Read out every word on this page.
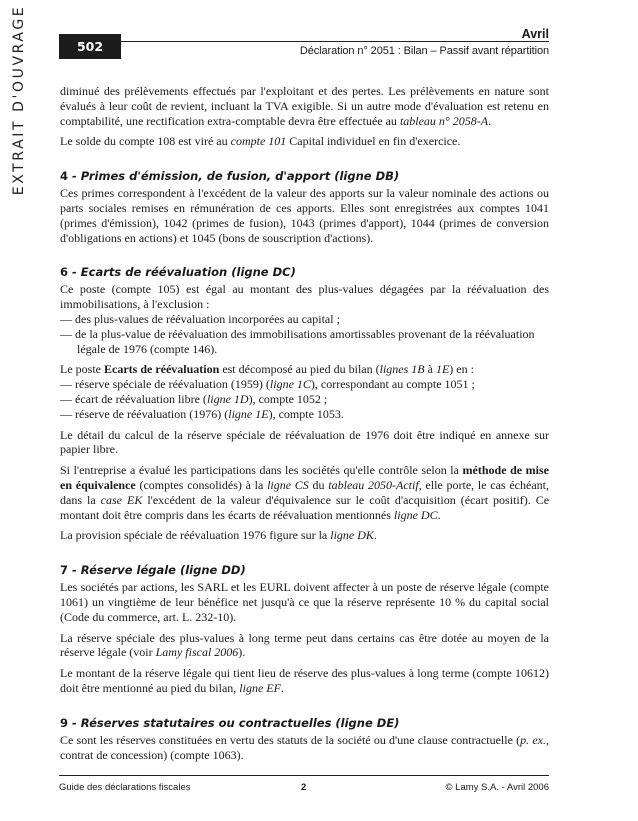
EXTRAIT D'OUVRAGE	502
Avril
Déclaration n° 2051 : Bilan – Passif avant répartition

diminué des prélèvements effectués par l'exploitant et des pertes. Les prélèvements en nature sont évalués à leur coût de revient, incluant la TVA exigible. Si un autre mode d'évaluation est retenu en comptabilité, une rectification extra-comptable devra être effectuée au tableau n° 2058-A.

Le solde du compte 108 est viré au compte 101 Capital individuel en fin d'exercice.

4 - Primes d'émission, de fusion, d'apport (ligne DB)

Ces primes correspondent à l'excédent de la valeur des apports sur la valeur nominale des actions ou parts sociales remises en rémunération de ces apports. Elles sont enregistrées aux comptes 1041 (primes d'émission), 1042 (primes de fusion), 1043 (primes d'apport), 1044 (primes de conversion d'obligations en actions) et 1045 (bons de souscription d'actions).

6 - Ecarts de réévaluation (ligne DC)

Ce poste (compte 105) est égal au montant des plus-values dégagées par la réévaluation des immobilisations, à l'exclusion :
— des plus-values de réévaluation incorporées au capital ;
— de la plus-value de réévaluation des immobilisations amortissables provenant de la réévaluation
légale de 1976 (compte 146).

Le poste Ecarts de réévaluation est décomposé au pied du bilan (lignes 1B à 1E) en :
— réserve spéciale de réévaluation (1959) (ligne 1C), correspondant au compte 1051 ;
— écart de réévaluation libre (ligne 1D), compte 1052 ;
— réserve de réévaluation (1976) (ligne 1E), compte 1053.

Le détail du calcul de la réserve spéciale de réévaluation de 1976 doit être indiqué en annexe sur papier libre.

Si l'entreprise a évalué les participations dans les sociétés qu'elle contrôle selon la méthode de mise en équivalence (comptes consolidés) à la ligne CS du tableau 2050-Actif, elle porte, le cas échéant, dans la case EK l'excédent de la valeur d'équivalence sur le coût d'acquisition (écart positif). Ce montant doit être compris dans les écarts de réévaluation mentionnés ligne DC.

La provision spéciale de réévaluation 1976 figure sur la ligne DK.

7 - Réserve légale (ligne DD)

Les sociétés par actions, les SARL et les EURL doivent affecter à un poste de réserve légale (compte 1061) un vingtième de leur bénéfice net jusqu'à ce que la réserve représente 10 % du capital social (Code du commerce, art. L. 232-10).

La réserve spéciale des plus-values à long terme peut dans certains cas être dotée au moyen de la réserve légale (voir Lamy fiscal 2006).

Le montant de la réserve légale qui tient lieu de réserve des plus-values à long terme (compte 10612) doit être mentionné au pied du bilan, ligne EF.

9 - Réserves statutaires ou contractuelles (ligne DE)

Ce sont les réserves constituées en vertu des statuts de la société ou d'une clause contractuelle (p. ex., contrat de concession) (compte 1063).

Guide des déclarations fiscales	2	© Lamy S.A. - Avril 2006
